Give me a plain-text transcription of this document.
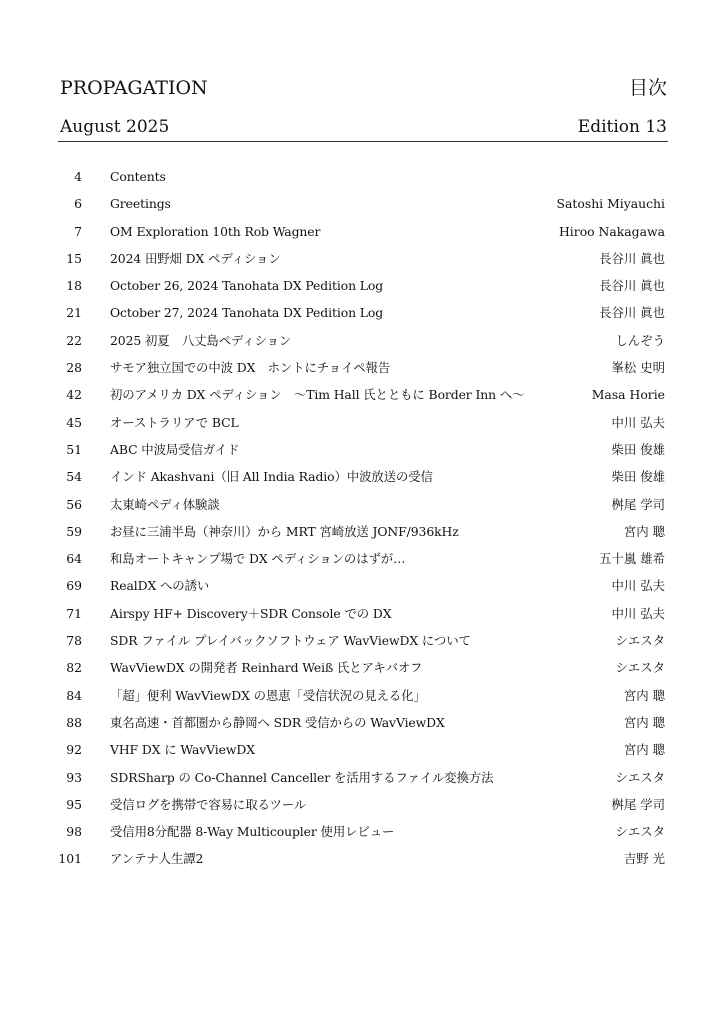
PROPAGATION	目次
August 2025	Edition 13
4 Contents
6 Greetings	Satoshi Miyauchi
7 OM Exploration 10th Rob Wagner	Hiroo Nakagawa
15 2024 田野畑 DX ペディション	長谷川 眞也
18 October 26, 2024 Tanohata DX Pedition Log	長谷川 眞也
21 October 27, 2024 Tanohata DX Pedition Log	長谷川 眞也
22 2025 初夏　八丈島ペディション	しんぞう
28 サモア独立国での中波 DX　ホントにチョイペ報告	峯松 史明
42 初のアメリカ DX ペディション　～Tim Hall 氏とともに Border Inn へ～	Masa Horie
45 オーストラリアで BCL	中川 弘夫
51 ABC 中波局受信ガイド	柴田 俊雄
54 インド Akashvani（旧 All India Radio）中波放送の受信	柴田 俊雄
56 太東崎ペディ体験談	桝尾 学司
59 お昼に三浦半島（神奈川）から MRT 宮崎放送 JONF/936kHz	宮内 聰
64 和島オートキャンプ場で DX ペディションのはずが…	五十嵐 雄希
69 RealDX への誘い	中川 弘夫
71 Airspy HF+ Discovery＋SDR Console での DX	中川 弘夫
78 SDR ファイル プレイバックソフトウェア WavViewDX について	シエスタ
82 WavViewDX の開発者 Reinhard Weiß 氏とアキバオフ	シエスタ
84 「超」便利 WavViewDX の恩恵「受信状況の見える化」	宮内 聰
88 東名高速・首都圏から静岡へ SDR 受信からの WavViewDX	宮内 聰
92 VHF DX に WavViewDX	宮内 聰
93 SDRSharp の Co-Channel Canceller を活用するファイル変換方法	シエスタ
95 受信ログを携帯で容易に取るツール	桝尾 学司
98 受信用8分配器 8-Way Multicoupler 使用レビュー	シエスタ
101 アンテナ人生譚2	吉野 光
